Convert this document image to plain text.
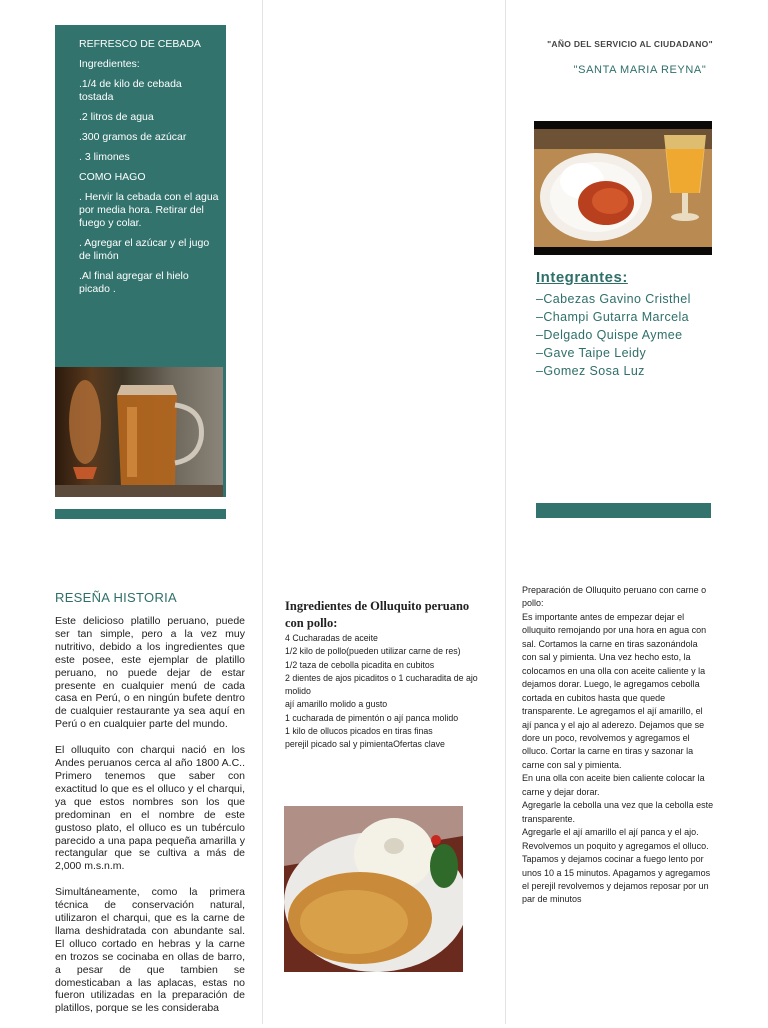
REFRESCO DE CEBADA

Ingredientes:

.1/4 de kilo de cebada tostada

.2 litros de agua

.300 gramos de azúcar

. 3 limones

COMO HAGO

. Hervir la cebada con el agua por media hora. Retirar del fuego y colar.

. Agregar el azúcar y el jugo de limón

.Al final agregar el hielo picado .

"AÑO DEL SERVICIO AL CIUDADANO"
"SANTA MARIA REYNA"
Integrantes:
–Cabezas Gavino Cristhel
–Champi Gutarra Marcela
–Delgado Quispe Aymee
–Gave Taipe Leidy
–Gomez Sosa Luz
RESEÑA HISTORIA

Este delicioso platillo peruano, puede ser tan simple, pero a la vez muy nutritivo, debido a los ingredientes que este posee, este ejemplar de platillo peruano, no puede dejar de estar presente en cualquier menú de cada casa en Perú, o en ningún bufete dentro de cualquier restaurante ya sea aquí en Perú o en cualquier parte del mundo.

El olluquito con charqui nació en los Andes peruanos cerca al año 1800 A.C.. Primero tenemos que saber con exactitud lo que es el olluco y el charqui, ya que estos nombres son los que predominan en el nombre de este gustoso plato, el olluco es un tubérculo parecido a una papa pequeña amarilla y rectangular que se cultiva a más de 2,000 m.s.n.m.

Simultáneamente, como la primera técnica de conservación natural, utilizaron el charqui, que es la carne de llama deshidratada con abundante sal. El olluco cortado en hebras y la carne en trozos se cocinaba en ollas de barro, a pesar de que tambien se domesticaban a las aplacas, estas no fueron utilizadas en la preparación de platillos, porque se les consideraba

Ingredientes de Olluquito peruano con pollo:
4 Cucharadas de aceite
1/2 kilo de pollo(pueden utilizar carne de res)
1/2 taza de cebolla picadita en cubitos
2 dientes de ajos picaditos o 1 cucharadita de ajo molido
ají amarillo molido a gusto
1 cucharada de pimentón o ají panca molido
1 kilo de ollucos picados en tiras finas
perejil picado sal y pimientaOfertas clave
Preparación de Olluquito peruano con carne o pollo:
Es importante antes de empezar dejar el olluquito remojando por una hora en agua con sal. Cortamos la carne en tiras sazonándola con sal y pimienta. Una vez hecho esto, la colocamos en una olla con aceite caliente y la dejamos dorar. Luego, le agregamos cebolla cortada en cubitos hasta que quede transparente. Le agregamos el ají amarillo, el ají panca y el ajo al aderezo. Dejamos que se dore un poco, revolvemos y agregamos el olluco. Cortar la carne en tiras y sazonar la carne con sal y pimienta.
En una olla con aceite bien caliente colocar la carne y dejar dorar.
Agregarle la cebolla una vez que la cebolla este transparente.
Agregarle el ají amarillo el ají panca y el ajo. Revolvemos un poquito y agregamos el olluco.
Tapamos y dejamos cocinar a fuego lento por unos 10 a 15 minutos. Apagamos y agregamos el perejil revolvemos y dejamos reposar por un par de minutos
